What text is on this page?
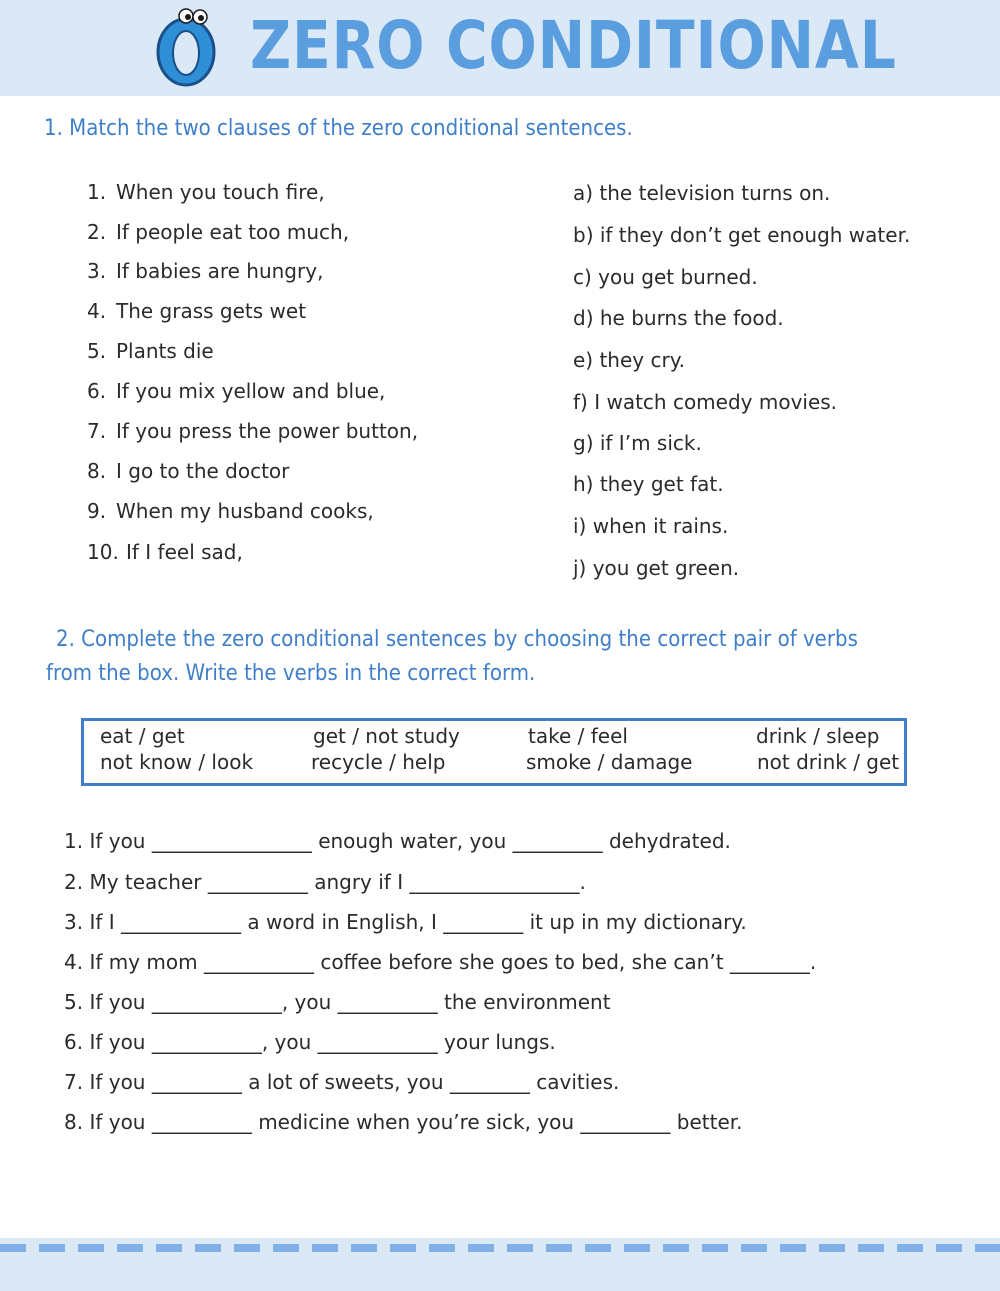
ZERO CONDITIONAL
1. Match the two clauses of the zero conditional sentences.
1. When you touch fire,
2. If people eat too much,
3. If babies are hungry,
4. The grass gets wet
5. Plants die
6. If you mix yellow and blue,
7. If you press the power button,
8. I go to the doctor
9. When my husband cooks,
10. If I feel sad,
a) the television turns on.
b) if they don’t get enough water.
c) you get burned.
d) he burns the food.
e) they cry.
f) I watch comedy movies.
g) if I’m sick.
h) they get fat.
i) when it rains.
j) you get green.
2. Complete the zero conditional sentences by choosing the correct pair of verbs
from the box. Write the verbs in the correct form.
eat / get	get / not study	take / feel	drink / sleep
not know / look	recycle / help	smoke / damage	not drink / get
1. If you ________________ enough water, you _________ dehydrated.
2. My teacher __________ angry if I _________________.
3. If I ____________ a word in English, I ________ it up in my dictionary.
4. If my mom ___________ coffee before she goes to bed, she can’t ________.
5. If you _____________, you __________ the environment
6. If you ___________, you ____________ your lungs.
7. If you _________ a lot of sweets, you ________ cavities.
8. If you __________ medicine when you’re sick, you _________ better.
